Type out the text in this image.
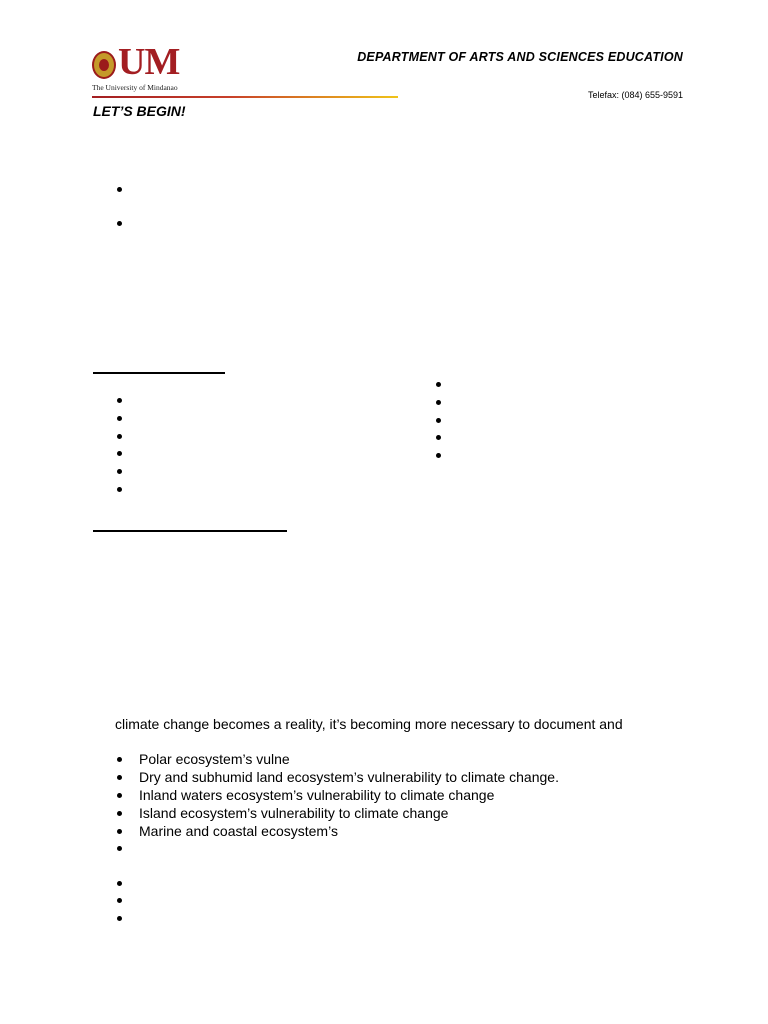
UM
The University of Mindanao
DEPARTMENT OF ARTS AND SCIENCES EDUCATION
Telefax: (084) 655-9591
LET’S BEGIN!
climate change becomes a reality, it’s becoming more necessary to document and
Polar ecosystem’s vulne
Dry and subhumid land ecosystem’s vulnerability to climate change.
Inland waters ecosystem’s vulnerability to climate change
Island ecosystem’s vulnerability to climate change
Marine and coastal ecosystem’s
